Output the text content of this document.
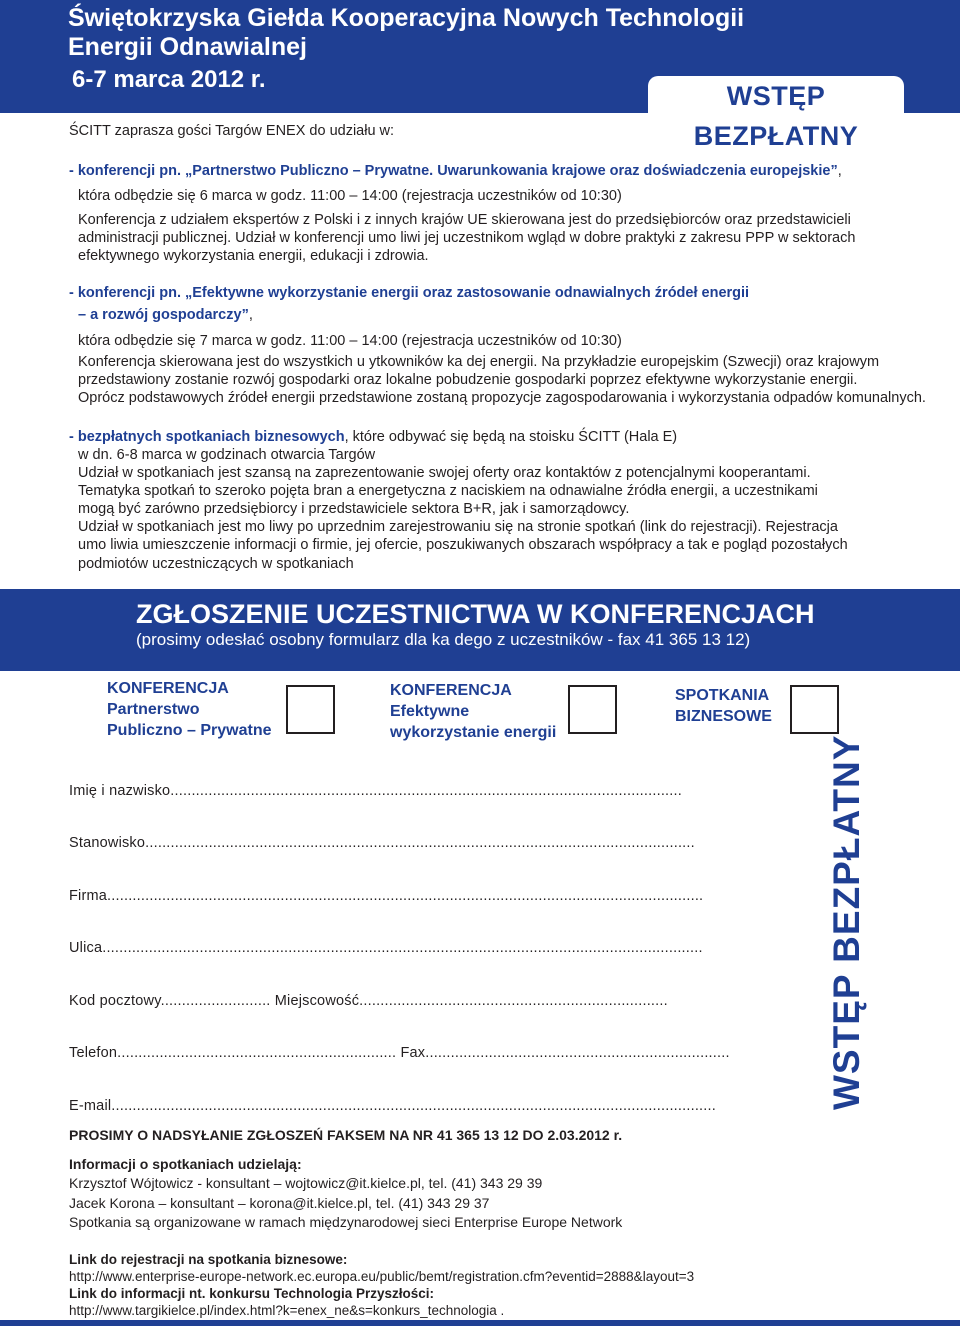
Świętokrzyska Giełda Kooperacyjna Nowych Technologii
Energii Odnawialnej
6-7 marca 2012 r.
WSTĘP BEZPŁATNY
ŚCITT zaprasza gości Targów ENEX do udziału w:
- konferencji pn. „Partnerstwo Publiczno – Prywatne. Uwarunkowania krajowe oraz doświadczenia europejskie”,
która odbędzie się 6 marca w godz. 11:00 – 14:00 (rejestracja uczestników od 10:30)
Konferencja z udziałem ekspertów z Polski i z innych krajów UE skierowana jest do przedsiębiorców oraz przedstawicieli
administracji publicznej. Udział w konferencji umo liwi jej uczestnikom wgląd w dobre praktyki z zakresu PPP w sektorach
efektywnego wykorzystania energii, edukacji i zdrowia.
- konferencji pn. „Efektywne wykorzystanie energii oraz zastosowanie odnawialnych źródeł energii
– a rozwój gospodarczy”,
która odbędzie się 7 marca w godz. 11:00 – 14:00 (rejestracja uczestników od 10:30)
Konferencja skierowana jest do wszystkich u ytkowników ka dej energii. Na przykładzie europejskim (Szwecji) oraz krajowym
przedstawiony zostanie rozwój gospodarki oraz lokalne pobudzenie gospodarki poprzez efektywne wykorzystanie energii.
Oprócz podstawowych źródeł energii przedstawione zostaną propozycje zagospodarowania i wykorzystania odpadów komunalnych.
- bezpłatnych spotkaniach biznesowych, które odbywać się będą na stoisku ŚCITT (Hala E)
w dn. 6-8 marca w godzinach otwarcia Targów
Udział w spotkaniach jest szansą na zaprezentowanie swojej oferty oraz kontaktów z potencjalnymi kooperantami.
Tematyka spotkań to szeroko pojęta bran a energetyczna z naciskiem na odnawialne źródła energii, a uczestnikami
mogą być zarówno przedsiębiorcy i przedstawiciele sektora B+R, jak i samorządowcy.
Udział w spotkaniach jest mo liwy po uprzednim zarejestrowaniu się na stronie spotkań (link do rejestracji). Rejestracja
umo liwia umieszczenie informacji o firmie, jej ofercie, poszukiwanych obszarach współpracy a tak e pogląd pozostałych
podmiotów uczestniczących w spotkaniach
ZGŁOSZENIE UCZESTNICTWA W KONFERENCJACH
(prosimy odesłać osobny formularz dla ka dego z uczestników - fax 41 365 13 12)
KONFERENCJA
Partnerstwo
Publiczno – Prywatne
KONFERENCJA
Efektywne
wykorzystanie energii
SPOTKANIA
BIZNESOWE
Imię i nazwisko.........................................................................................................................
Stanowisko..................................................................................................................................
Firma.............................................................................................................................................
Ulica..............................................................................................................................................
Kod pocztowy.......................... Miejscowość.........................................................................
Telefon.................................................................. Fax........................................................................
E-mail...............................................................................................................................................	WSTĘP BEZPŁATNY
PROSIMY O NADSYŁANIE ZGŁOSZEŃ FAKSEM NA NR 41 365 13 12 DO 2.03.2012 r.
Informacji o spotkaniach udzielają:
Krzysztof Wójtowicz - konsultant – wojtowicz@it.kielce.pl, tel. (41) 343 29 39
Jacek Korona – konsultant – korona@it.kielce.pl, tel. (41) 343 29 37
Spotkania są organizowane w ramach międzynarodowej sieci Enterprise Europe Network
Link do rejestracji na spotkania biznesowe:
http://www.enterprise-europe-network.ec.europa.eu/public/bemt/registration.cfm?eventid=2888&layout=3
Link do informacji nt. konkursu Technologia Przyszłości:
http://www.targikielce.pl/index.html?k=enex_ne&s=konkurs_technologia .
